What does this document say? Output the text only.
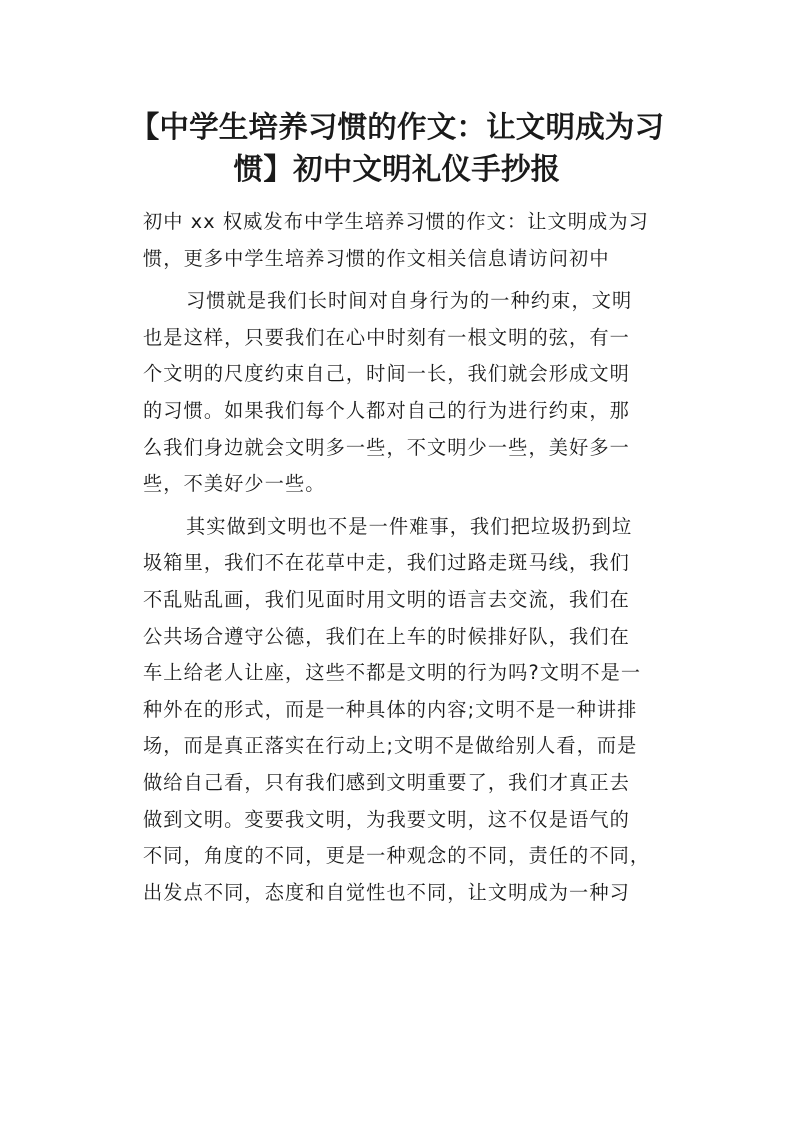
【中学生培养习惯的作文：让文明成为习
惯】初中文明礼仪手抄报

初中 xx 权威发布中学生培养习惯的作文：让文明成为习
惯，更多中学生培养习惯的作文相关信息请访问初中

习惯就是我们长时间对自身行为的一种约束，文明
也是这样，只要我们在心中时刻有一根文明的弦，有一
个文明的尺度约束自己，时间一长，我们就会形成文明
的习惯。如果我们每个人都对自己的行为进行约束，那
么我们身边就会文明多一些，不文明少一些，美好多一
些，不美好少一些。

其实做到文明也不是一件难事，我们把垃圾扔到垃
圾箱里，我们不在花草中走，我们过路走斑马线，我们
不乱贴乱画，我们见面时用文明的语言去交流，我们在
公共场合遵守公德，我们在上车的时候排好队，我们在
车上给老人让座，这些不都是文明的行为吗?文明不是一
种外在的形式，而是一种具体的内容;文明不是一种讲排
场，而是真正落实在行动上;文明不是做给别人看，而是
做给自己看，只有我们感到文明重要了，我们才真正去
做到文明。变要我文明，为我要文明，这不仅是语气的
不同，角度的不同，更是一种观念的不同，责任的不同，
出发点不同，态度和自觉性也不同，让文明成为一种习
